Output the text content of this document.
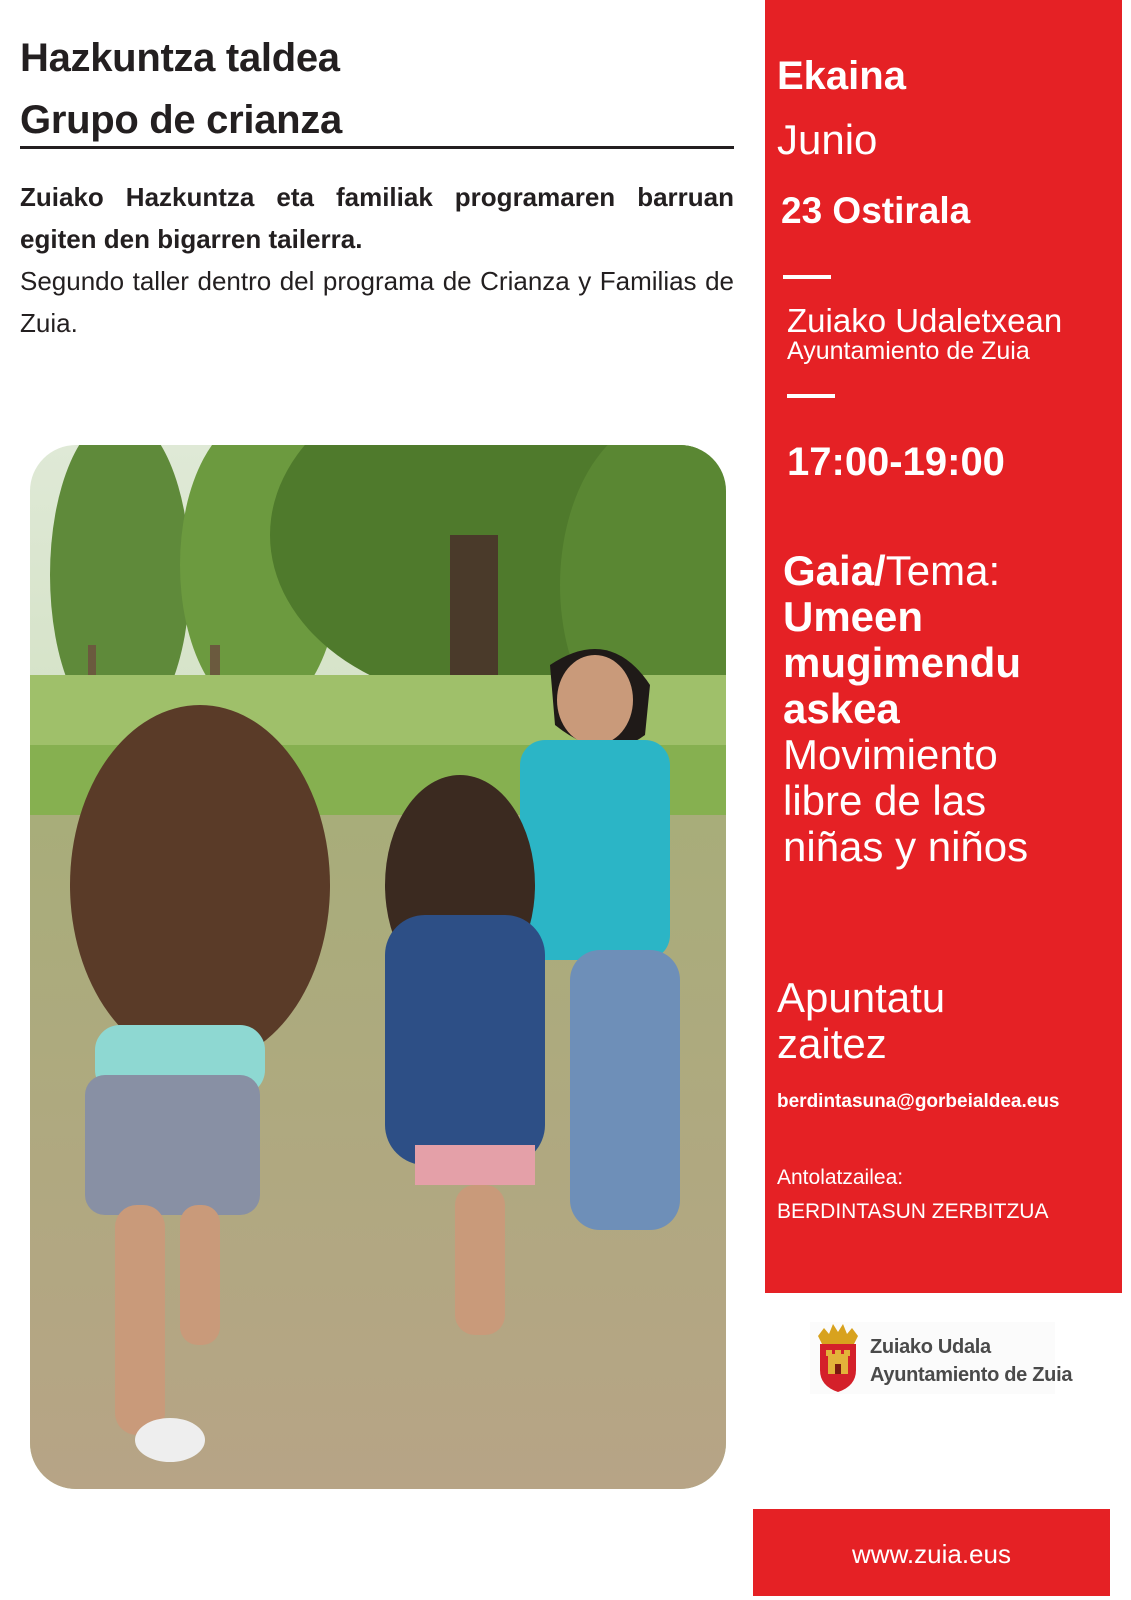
Hazkuntza taldea
Grupo de crianza
Zuiako Hazkuntza eta familiak programaren barruan egiten den bigarren tailerra.
Segundo taller dentro del programa de Crianza y Familias de Zuia.
Ekaina
Junio
23 Ostirala
Zuiako Udaletxean
Ayuntamiento de Zuia
17:00-19:00
Gaia/Tema:
Umeen
mugimendu
askea
Movimiento
libre de las
niñas y niños
Apuntatu
zaitez
berdintasuna@gorbeialdea.eus
Antolatzailea:
BERDINTASUN ZERBITZUA
Zuiako Udala
Ayuntamiento de Zuia
www.zuia.eus
